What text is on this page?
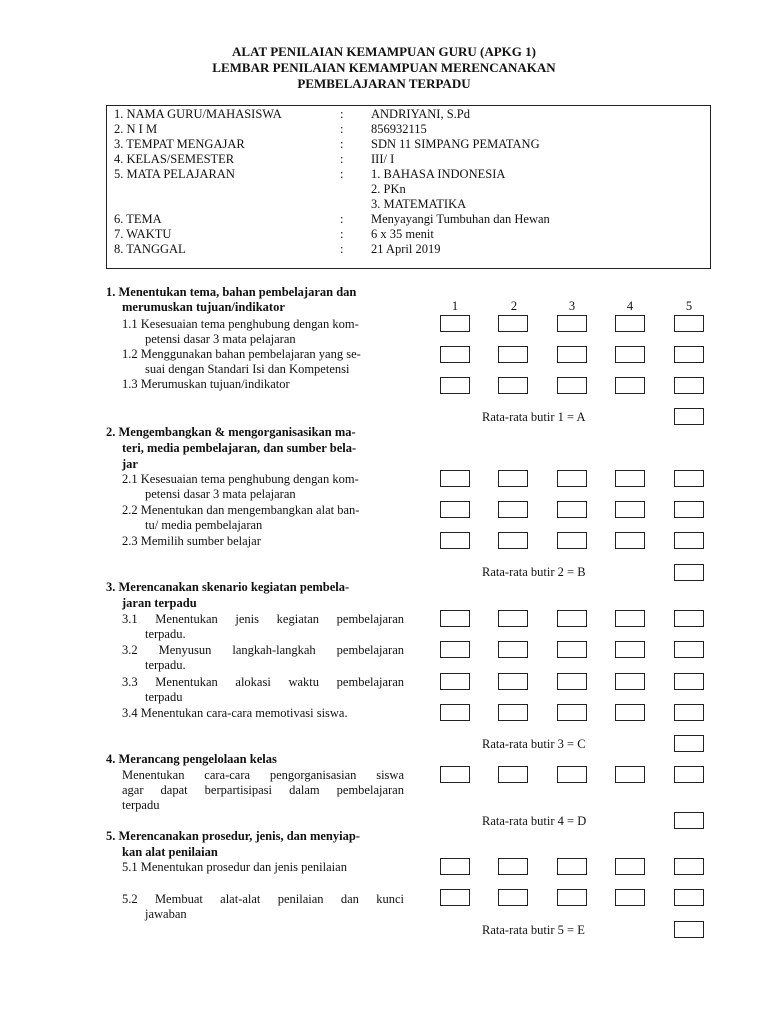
ALAT PENILAIAN KEMAMPUAN GURU (APKG 1)
LEMBAR PENILAIAN KEMAMPUAN MERENCANAKAN
PEMBELAJARAN TERPADU
1. NAMA GURU/MAHASISWA	: ANDRIYANI, S.Pd
2. N I M	: 856932115
3. TEMPAT MENGAJAR	: SDN 11 SIMPANG PEMATANG
4. KELAS/SEMESTER	: III/ I
5. MATA PELAJARAN	: 1. BAHASA INDONESIA
2. PKn
3. MATEMATIKA
6. TEMA	: Menyayangi Tumbuhan dan Hewan
7. WAKTU	: 6 x 35 menit
8. TANGGAL	: 21 April 2019
1	2	3	4	5
1. Menentukan tema, bahan pembelajaran dan
merumuskan tujuan/indikator
1.1 Kesesuaian tema penghubung dengan kom-
petensi dasar 3 mata pelajaran
1.2 Menggunakan bahan pembelajaran yang se-
suai dengan Standari Isi dan Kompetensi
1.3 Merumuskan tujuan/indikator
Rata-rata butir 1 = A
2. Mengembangkan & mengorganisasikan ma-
teri, media pembelajaran, dan sumber bela-
jar
2.1 Kesesuaian tema penghubung dengan kom-
petensi dasar 3 mata pelajaran
2.2 Menentukan dan mengembangkan alat ban-
tu/ media pembelajaran
2.3 Memilih sumber belajar
Rata-rata butir 2 = B
3. Merencanakan skenario kegiatan pembela-
jaran terpadu
3.1 Menentukan jenis kegiatan pembelajaran
terpadu.
3.2 Menyusun langkah-langkah pembelajaran
terpadu.
3.3 Menentukan alokasi waktu pembelajaran
terpadu
3.4 Menentukan cara-cara memotivasi siswa.
Rata-rata butir 3 = C
4. Merancang pengelolaan kelas
Menentukan cara-cara pengorganisasian siswa
agar dapat berpartisipasi dalam pembelajaran
terpadu
Rata-rata butir 4 = D
5. Merencanakan prosedur, jenis, dan menyiap-
kan alat penilaian
5.1 Menentukan prosedur dan jenis penilaian
5.2 Membuat alat-alat penilaian dan kunci
jawaban
Rata-rata butir 5 = E
